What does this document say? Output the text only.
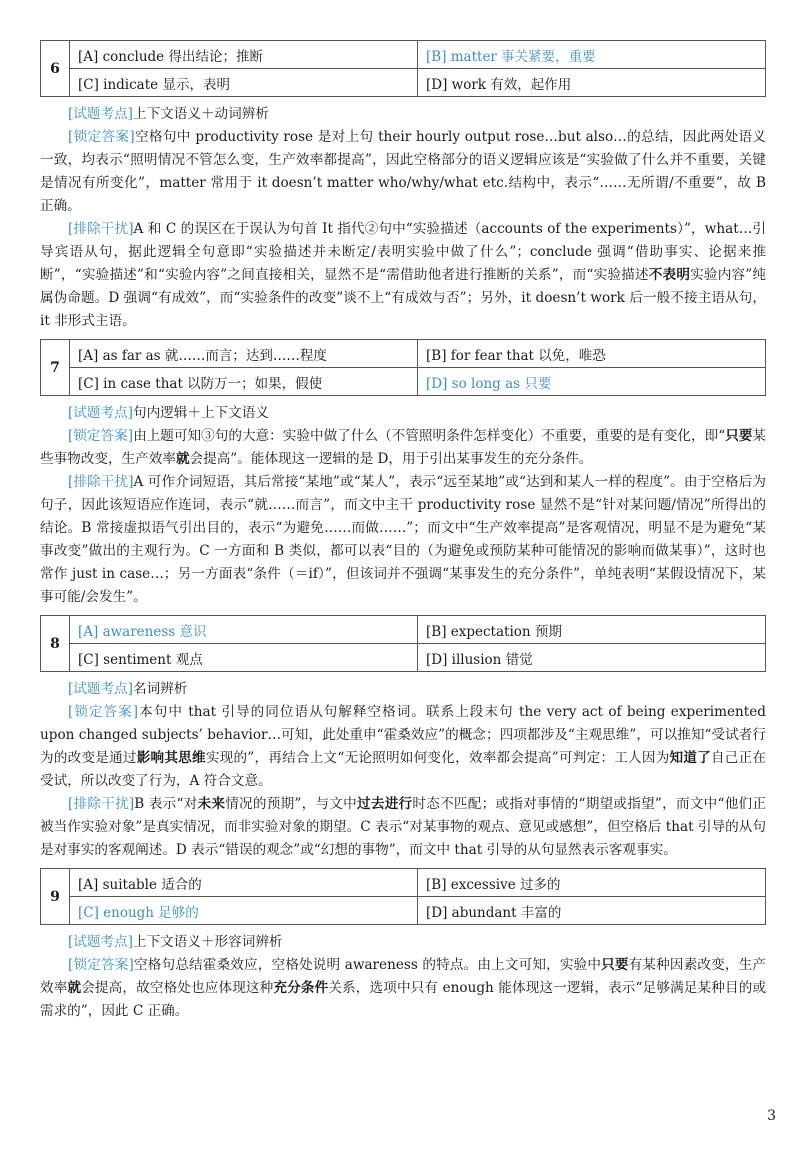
6	[A] conclude 得出结论；推断	[B] matter 事关紧要，重要
	[C] indicate 显示，表明	[D] work 有效，起作用

[试题考点]上下文语义＋动词辨析

[锁定答案]空格句中 productivity rose 是对上句 their hourly output rose…but also…的总结，因此两处语义一致，均表示“照明情况不管怎么变，生产效率都提高”，因此空格部分的语义逻辑应该是“实验做了什么并不重要，关键是情况有所变化”，matter 常用于 it doesn’t matter who/why/what etc.结构中，表示“……无所谓/不重要”，故 B 正确。

[排除干扰]A 和 C 的误区在于误认为句首 It 指代②句中“实验描述（accounts of the experiments）”，what…引导宾语从句，据此逻辑全句意即“实验描述并未断定/表明实验中做了什么”；conclude 强调“借助事实、论据来推断”，“实验描述”和“实验内容”之间直接相关，显然不是“需借助他者进行推断的关系”，而“实验描述不表明实验内容”纯属伪命题。D 强调“有成效”，而“实验条件的改变”谈不上“有成效与否”；另外，it doesn’t work 后一般不接主语从句，it 非形式主语。

7	[A] as far as 就……而言；达到……程度	[B] for fear that 以免，唯恐
	[C] in case that 以防万一；如果，假使	[D] so long as 只要

[试题考点]句内逻辑＋上下文语义

[锁定答案]由上题可知③句的大意：实验中做了什么（不管照明条件怎样变化）不重要，重要的是有变化，即“只要某些事物改变，生产效率就会提高”。能体现这一逻辑的是 D，用于引出某事发生的充分条件。

[排除干扰]A 可作介词短语，其后常接“某地”或“某人”，表示“远至某地”或“达到和某人一样的程度”。由于空格后为句子，因此该短语应作连词，表示“就……而言”，而文中主干 productivity rose 显然不是“针对某问题/情况”所得出的结论。B 常接虚拟语气引出目的，表示“为避免……而做……”；而文中“生产效率提高”是客观情况，明显不是为避免“某事改变”做出的主观行为。C 一方面和 B 类似，都可以表“目的（为避免或预防某种可能情况的影响而做某事）”，这时也常作 just in case…；另一方面表“条件（＝if）”，但该词并不强调“某事发生的充分条件”，单纯表明“某假设情况下，某事可能/会发生”。

8	[A] awareness 意识	[B] expectation 预期
	[C] sentiment 观点	[D] illusion 错觉

[试题考点]名词辨析

[锁定答案]本句中 that 引导的同位语从句解释空格词。联系上段末句 the very act of being experimented upon changed subjects’ behavior…可知，此处重申“霍桑效应”的概念；四项都涉及“主观思维”，可以推知“受试者行为的改变是通过影响其思维实现的”，再结合上文“无论照明如何变化，效率都会提高”可判定：工人因为知道了自己正在受试，所以改变了行为，A 符合文意。

[排除干扰]B 表示“对未来情况的预期”，与文中过去进行时态不匹配；或指对事情的“期望或指望”，而文中“他们正被当作实验对象”是真实情况，而非实验对象的期望。C 表示“对某事物的观点、意见或感想”，但空格后 that 引导的从句是对事实的客观阐述。D 表示“错误的观念”或“幻想的事物”，而文中 that 引导的从句显然表示客观事实。

9	[A] suitable 适合的	[B] excessive 过多的
	[C] enough 足够的	[D] abundant 丰富的

[试题考点]上下文语义＋形容词辨析

[锁定答案]空格句总结霍桑效应，空格处说明 awareness 的特点。由上文可知，实验中只要有某种因素改变，生产效率就会提高，故空格处也应体现这种充分条件关系，选项中只有 enough 能体现这一逻辑，表示“足够满足某种目的或需求的”，因此 C 正确。

3
